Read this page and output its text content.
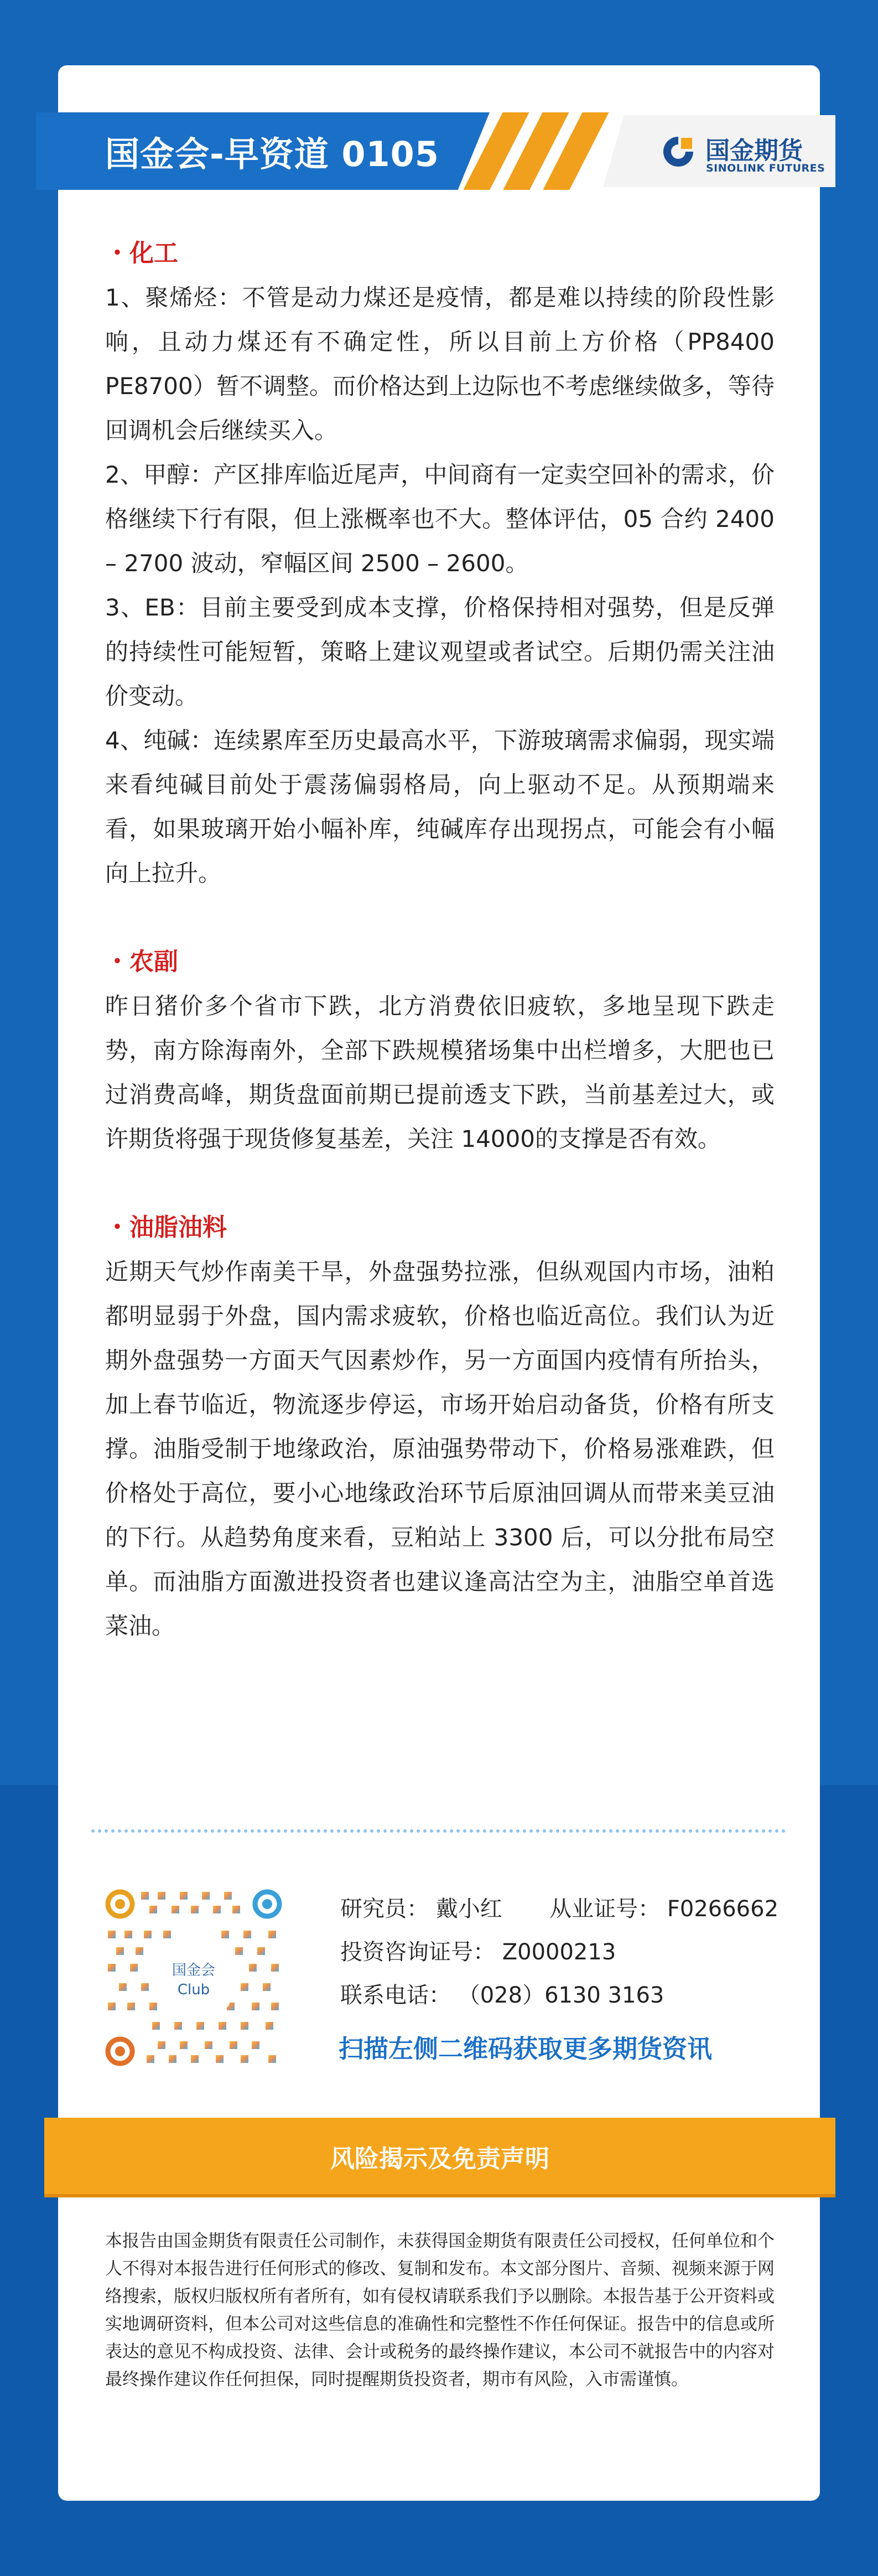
国金会-早资道 0105	国金期货
SINOLINK FUTURES
・化工

1、聚烯烃：不管是动力煤还是疫情，都是难以持续的阶段性影响，且动力煤还有不确定性，所以目前上方价格（PP8400 PE8700）暂不调整。而价格达到上边际也不考虑继续做多，等待回调机会后继续买入。

2、甲醇：产区排库临近尾声，中间商有一定卖空回补的需求，价格继续下行有限，但上涨概率也不大。整体评估，05 合约 2400 – 2700 波动，窄幅区间 2500 – 2600。

3、EB：目前主要受到成本支撑，价格保持相对强势，但是反弹的持续性可能短暂，策略上建议观望或者试空。后期仍需关注油价变动。

4、纯碱：连续累库至历史最高水平，下游玻璃需求偏弱，现实端来看纯碱目前处于震荡偏弱格局，向上驱动不足。从预期端来看，如果玻璃开始小幅补库，纯碱库存出现拐点，可能会有小幅向上拉升。

・农副

昨日猪价多个省市下跌，北方消费依旧疲软，多地呈现下跌走势，南方除海南外，全部下跌规模猪场集中出栏增多，大肥也已过消费高峰，期货盘面前期已提前透支下跌，当前基差过大，或许期货将强于现货修复基差，关注 14000的支撑是否有效。

・油脂油料

近期天气炒作南美干旱，外盘强势拉涨，但纵观国内市场，油粕都明显弱于外盘，国内需求疲软，价格也临近高位。我们认为近期外盘强势一方面天气因素炒作，另一方面国内疫情有所抬头，加上春节临近，物流逐步停运，市场开始启动备货，价格有所支撑。油脂受制于地缘政治，原油强势带动下，价格易涨难跌，但价格处于高位，要小心地缘政治环节后原油回调从而带来美豆油的下行。从趋势角度来看，豆粕站上 3300 后，可以分批布局空单。而油脂方面激进投资者也建议逢高沽空为主，油脂空单首选菜油。

国金会
Club
研究员： 戴小红 从业证号： F0266662
投资咨询证号： Z0000213
联系电话： （028）6130 3163
扫描左侧二维码获取更多期货资讯
风险揭示及免责声明
本报告由国金期货有限责任公司制作，未获得国金期货有限责任公司授权，任何单位和个人不得对本报告进行任何形式的修改、复制和发布。本文部分图片、音频、视频来源于网络搜索，版权归版权所有者所有，如有侵权请联系我们予以删除。本报告基于公开资料或实地调研资料，但本公司对这些信息的准确性和完整性不作任何保证。报告中的信息或所表达的意见不构成投资、法律、会计或税务的最终操作建议，本公司不就报告中的内容对最终操作建议作任何担保，同时提醒期货投资者，期市有风险，入市需谨慎。
